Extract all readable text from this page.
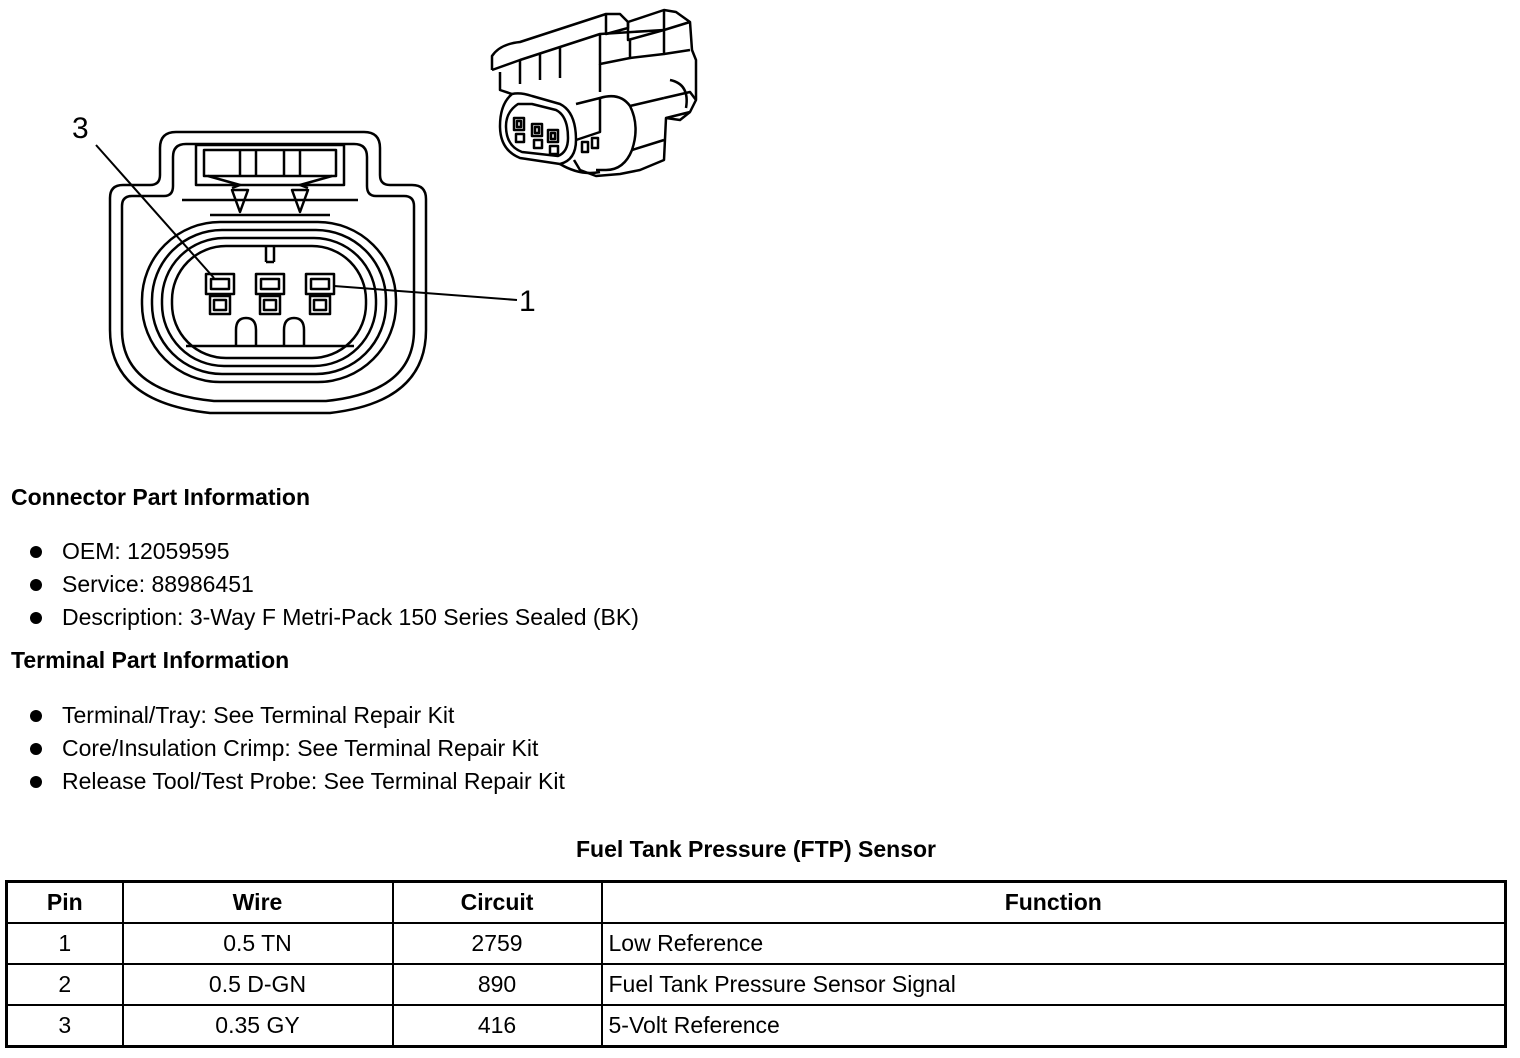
3
1
Connector Part Information
OEM: 12059595
Service: 88986451
Description: 3-Way F Metri-Pack 150 Series Sealed (BK)
Terminal Part Information
Terminal/Tray: See Terminal Repair Kit
Core/Insulation Crimp: See Terminal Repair Kit
Release Tool/Test Probe: See Terminal Repair Kit
Fuel Tank Pressure (FTP) Sensor
Pin	Wire	Circuit	Function
1	0.5 TN	2759	Low Reference
2	0.5 D-GN	890	Fuel Tank Pressure Sensor Signal
3	0.35 GY	416	5-Volt Reference
